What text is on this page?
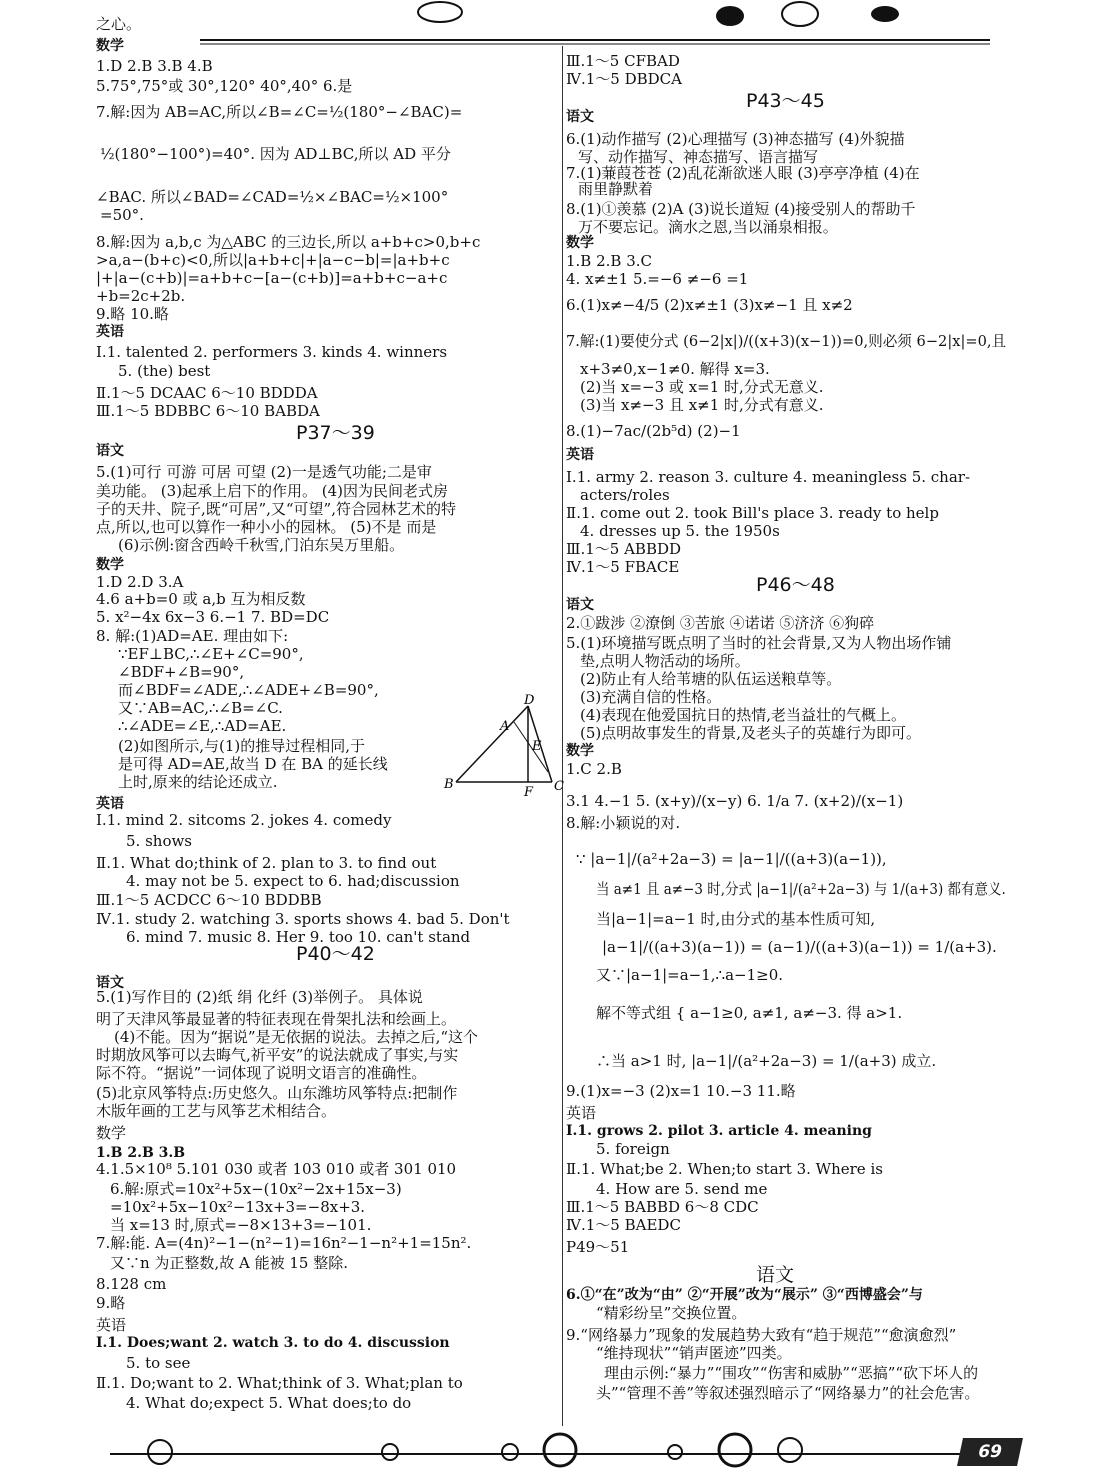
之心。
数学
1.D 2.B 3.B 4.B
5.75°,75°或 30°,120° 40°,40° 6.是
7.解:因为 AB=AC,所以∠B=∠C=½(180°−∠BAC)=
½(180°−100°)=40°. 因为 AD⊥BC,所以 AD 平分
∠BAC. 所以∠BAD=∠CAD=½×∠BAC=½×100°
=50°.
8.解:因为 a,b,c 为△ABC 的三边长,所以 a+b+c>0,b+c
>a,a−(b+c)<0,所以|a+b+c|+|a−c−b|=|a+b+c
|+|a−(c+b)|=a+b+c−[a−(c+b)]=a+b+c−a+c
+b=2c+2b.
9.略 10.略
英语
Ⅰ.1. talented 2. performers 3. kinds 4. winners
5. (the) best
Ⅱ.1～5 DCAAC 6～10 BDDDA
Ⅲ.1～5 BDBBC 6～10 BABDA
P37～39
语文
5.(1)可行 可游 可居 可望 (2)一是透气功能;二是审
美功能。 (3)起承上启下的作用。 (4)因为民间老式房
子的天井、院子,既“可居”,又“可望”,符合园林艺术的特
点,所以,也可以算作一种小小的园林。 (5)不是 而是
(6)示例:窗含西岭千秋雪,门泊东吴万里船。
数学
1.D 2.D 3.A
4.6 a+b=0 或 a,b 互为相反数
5. x²−4x 6x−3 6.−1 7. BD=DC
8. 解:(1)AD=AE. 理由如下:
∵EF⊥BC,∴∠E+∠C=90°,
∠BDF+∠B=90°,
而∠BDF=∠ADE,∴∠ADE+∠B=90°,
又∵AB=AC,∴∠B=∠C.
∴∠ADE=∠E,∴AD=AE.
(2)如图所示,与(1)的推导过程相同,于
是可得 AD=AE,故当 D 在 BA 的延长线
上时,原来的结论还成立.
英语
Ⅰ.1. mind 2. sitcoms 2. jokes 4. comedy
5. shows
Ⅱ.1. What do;think of 2. plan to 3. to find out
4. may not be 5. expect to 6. had;discussion
Ⅲ.1～5 ACDCC 6～10 BDDBB
Ⅳ.1. study 2. watching 3. sports shows 4. bad 5. Don't
6. mind 7. music 8. Her 9. too 10. can't stand
P40～42
语文
5.(1)写作目的 (2)纸 绢 化纤 (3)举例子。 具体说
明了天津风筝最显著的特征表现在骨架扎法和绘画上。
(4)不能。因为“据说”是无依据的说法。去掉之后,“这个
时期放风筝可以去晦气,祈平安”的说法就成了事实,与实
际不符。“据说”一词体现了说明文语言的准确性。
(5)北京风筝特点:历史悠久。山东潍坊风筝特点:把制作
木版年画的工艺与风筝艺术相结合。
数学
1.B 2.B 3.B
4.1.5×10⁸ 5.101 030 或者 103 010 或者 301 010
6.解:原式=10x²+5x−(10x²−2x+15x−3)
=10x²+5x−10x²−13x+3=−8x+3.
当 x=13 时,原式=−8×13+3=−101.
7.解:能. A=(4n)²−1−(n²−1)=16n²−1−n²+1=15n².
又∵n 为正整数,故 A 能被 15 整除.
8.128 cm
9.略
英语
Ⅰ.1. Does;want 2. watch 3. to do 4. discussion
5. to see
Ⅱ.1. Do;want to 2. What;think of 3. What;plan to
4. What do;expect 5. What does;to do
Ⅲ.1～5 CFBAD
Ⅳ.1～5 DBDCA
P43～45
语文
6.(1)动作描写 (2)心理描写 (3)神态描写 (4)外貌描
写、动作描写、神态描写、语言描写
7.(1)蒹葭苍苍 (2)乱花渐欲迷人眼 (3)亭亭净植 (4)在
雨里静默着
8.(1)①羡慕 (2)A (3)说长道短 (4)接受别人的帮助千
万不要忘记。滴水之恩,当以涌泉相报。
数学
1.B 2.B 3.C
4. x≠±1 5.=−6 ≠−6 =1
6.(1)x≠−4/5 (2)x≠±1 (3)x≠−1 且 x≠2
7.解:(1)要使分式 (6−2|x|)/((x+3)(x−1))=0,则必须 6−2|x|=0,且
x+3≠0,x−1≠0. 解得 x=3.
(2)当 x=−3 或 x=1 时,分式无意义.
(3)当 x≠−3 且 x≠1 时,分式有意义.
8.(1)−7ac/(2b⁵d) (2)−1
英语
Ⅰ.1. army 2. reason 3. culture 4. meaningless 5. char-
acters/roles
Ⅱ.1. come out 2. took Bill's place 3. ready to help
4. dresses up 5. the 1950s
Ⅲ.1～5 ABBDD
Ⅳ.1～5 FBACE
P46～48
语文
2.①跋涉 ②潦倒 ③苦旅 ④诺诺 ⑤济济 ⑥狗碎
5.(1)环境描写既点明了当时的社会背景,又为人物出场作铺
垫,点明人物活动的场所。
(2)防止有人给苇塘的队伍运送粮草等。
(3)充满自信的性格。
(4)表现在他爱国抗日的热情,老当益壮的气概上。
(5)点明故事发生的背景,及老头子的英雄行为即可。
数学
1.C 2.B
3.1 4.−1 5. (x+y)/(x−y) 6. 1/a 7. (x+2)/(x−1)
8.解:小颖说的对.
∵ |a−1|/(a²+2a−3) = |a−1|/((a+3)(a−1)),
当 a≠1 且 a≠−3 时,分式 |a−1|/(a²+2a−3) 与 1/(a+3) 都有意义.
当|a−1|=a−1 时,由分式的基本性质可知,
|a−1|/((a+3)(a−1)) = (a−1)/((a+3)(a−1)) = 1/(a+3).
又∵|a−1|=a−1,∴a−1≥0.
解不等式组 { a−1≥0, a≠1, a≠−3. 得 a>1.
∴当 a>1 时, |a−1|/(a²+2a−3) = 1/(a+3) 成立.
9.(1)x=−3 (2)x=1 10.−3 11.略
英语
Ⅰ.1. grows 2. pilot 3. article 4. meaning
5. foreign
Ⅱ.1. What;be 2. When;to start 3. Where is
4. How are 5. send me
Ⅲ.1～5 BABBD 6～8 CDC
Ⅳ.1～5 BAEDC
P49～51
语文
6.①“在”改为“由” ②“开展”改为“展示” ③“西博盛会”与
“精彩纷呈”交换位置。
9.“网络暴力”现象的发展趋势大致有“趋于规范”“愈演愈烈”
“维持现状”“销声匿迹”四类。
理由示例:“暴力”“围攻”“伤害和威胁”“恶搞”“砍下坏人的
头”“管理不善”等叙述强烈暗示了“网络暴力”的社会危害。
D
A
E
B
F C
69
